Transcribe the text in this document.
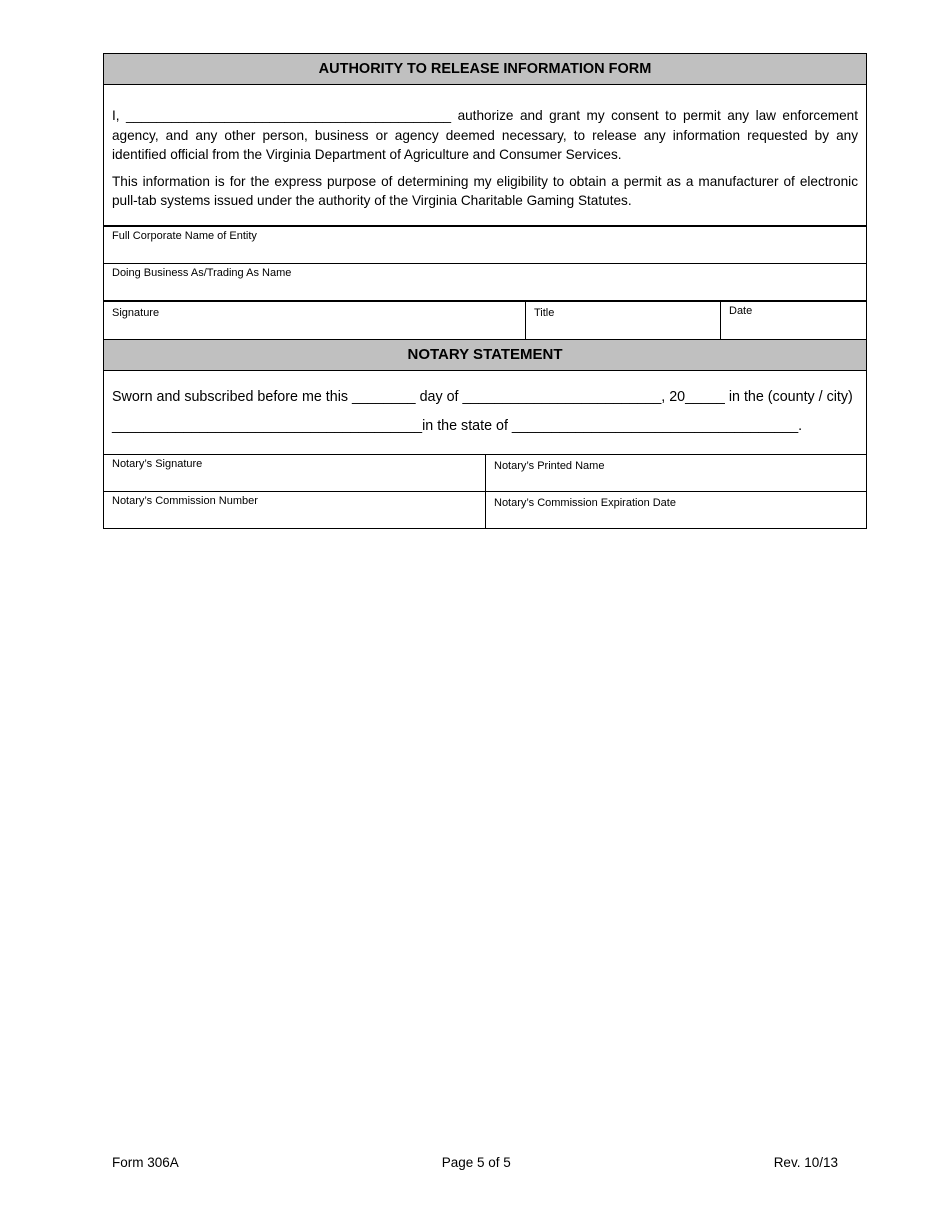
AUTHORITY TO RELEASE INFORMATION FORM

I, ___________________________________________ authorize and grant my consent to permit any law enforcement agency, and any other person, business or agency deemed necessary, to release any information requested by any identified official from the Virginia Department of Agriculture and Consumer Services.

This information is for the express purpose of determining my eligibility to obtain a permit as a manufacturer of electronic pull-tab systems issued under the authority of the Virginia Charitable Gaming Statutes.

Full Corporate Name of Entity
Doing Business As/Trading As Name
Signature	Title	Date
NOTARY STATEMENT
Sworn and subscribed before me this ________ day of _________________________, 20_____ in the (county / city)
_______________________________________in the state of ____________________________________.
Notary’s Signature	Notary’s Printed Name
Notary’s Commission Number	Notary’s Commission Expiration Date
Form 306A	Page 5 of 5	Rev. 10/13
